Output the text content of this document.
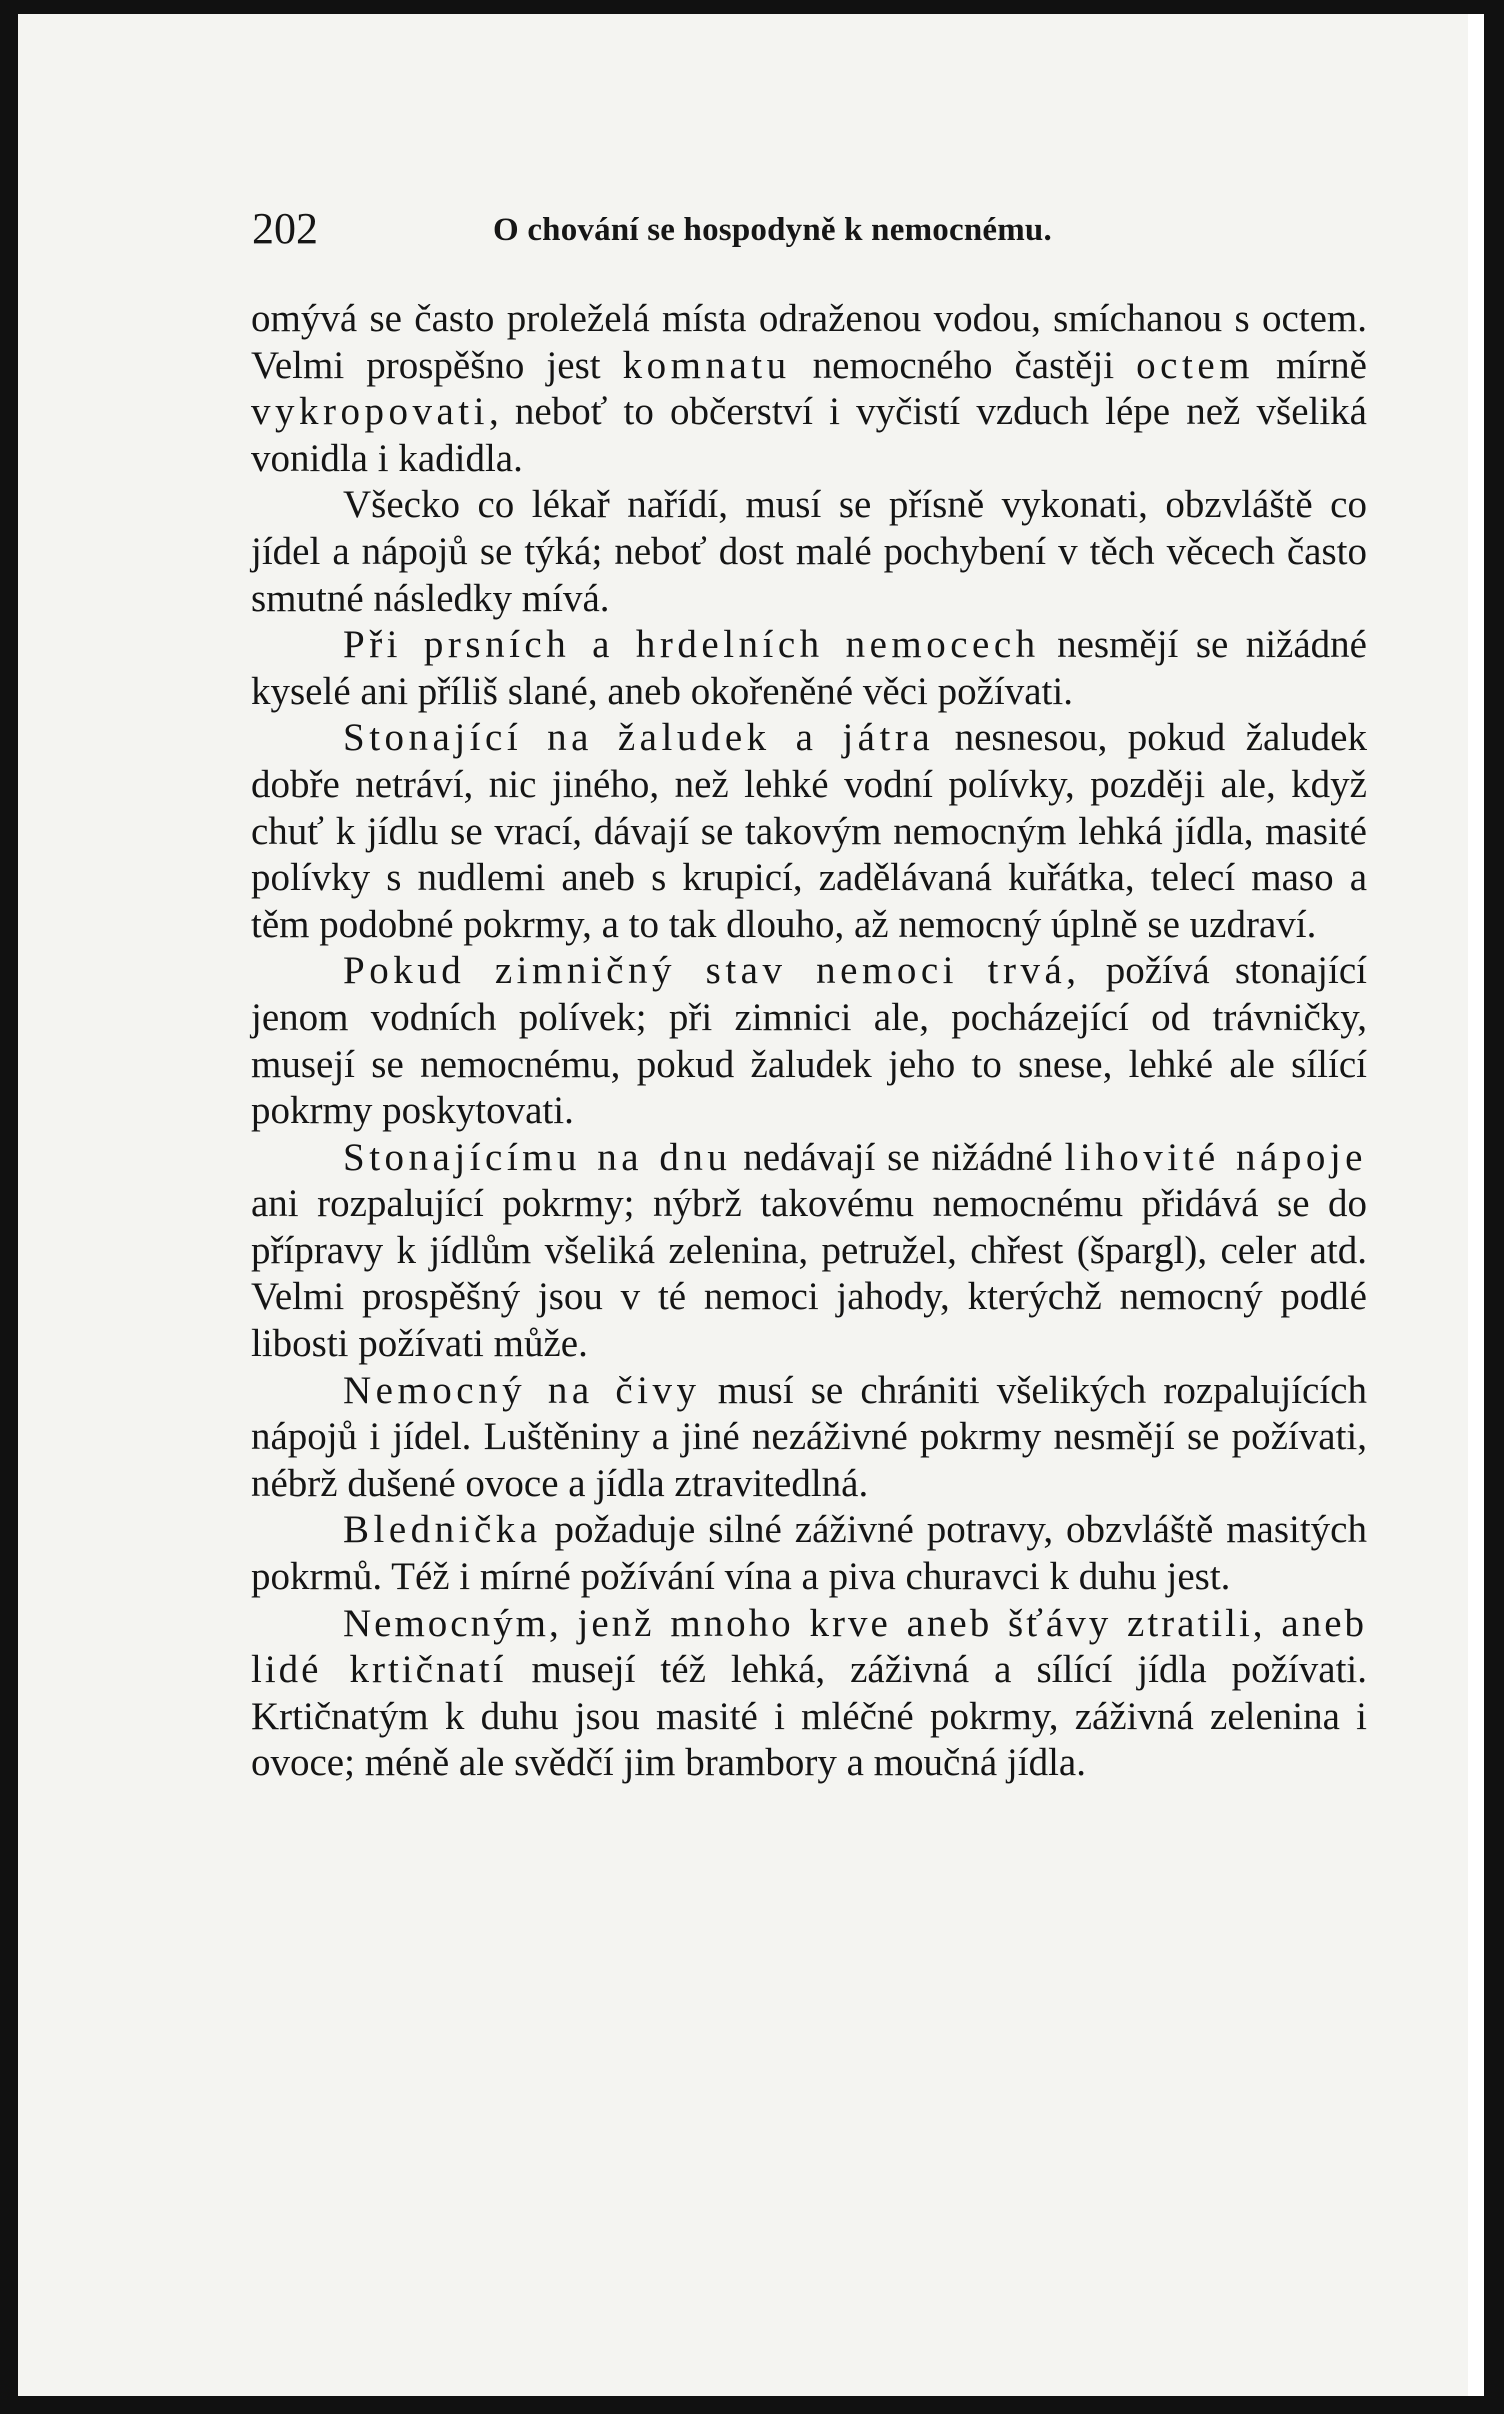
202	O chování se hospodyně k nemocnému.

omývá se často proleželá místa odraženou vodou, smíchanou s octem. Velmi prospěšno jest komnatu nemocného častěji octem mírně vykropovati, neboť to občerství i vyčistí vzduch lépe než všeliká vonidla i kadidla.

Všecko co lékař nařídí, musí se přísně vykonati, obzvláště co jídel a nápojů se týká; neboť dost malé pochybení v těch věcech často smutné následky mívá.

Při prsních a hrdelních nemocech nesmějí se nižádné kyselé ani příliš slané, aneb okořeněné věci požívati.

Stonající na žaludek a játra nesnesou, pokud žaludek dobře netráví, nic jiného, než lehké vodní polívky, později ale, když chuť k jídlu se vrací, dávají se takovým nemocným lehká jídla, masité polívky s nudlemi aneb s krupicí, zadělávaná kuřátka, telecí maso a těm podobné pokrmy, a to tak dlouho, až nemocný úplně se uzdraví.

Pokud zimničný stav nemoci trvá, požívá stonající jenom vodních polívek; při zimnici ale, pocházející od trávničky, musejí se nemocnému, pokud žaludek jeho to snese, lehké ale sílící pokrmy poskytovati.

Stonajícímu na dnu nedávají se nižádné lihovité nápoje ani rozpalující pokrmy; nýbrž takovému nemocnému přidává se do přípravy k jídlům všeliká zelenina, petružel, chřest (špargl), celer atd. Velmi prospěšný jsou v té nemoci jahody, kterýchž nemocný podlé libosti požívati může.

Nemocný na čivy musí se chrániti všelikých rozpalujících nápojů i jídel. Luštěniny a jiné nezáživné pokrmy nesmějí se požívati, nébrž dušené ovoce a jídla ztravitedlná.

Blednička požaduje silné záživné potravy, obzvláště masitých pokrmů. Též i mírné požívání vína a piva churavci k duhu jest.

Nemocným, jenž mnoho krve aneb šťávy ztratili, aneb lidé krtičnatí musejí též lehká, záživná a sílící jídla požívati. Krtičnatým k duhu jsou masité i mléčné pokrmy, záživná zelenina i ovoce; méně ale svědčí jim brambory a moučná jídla.
